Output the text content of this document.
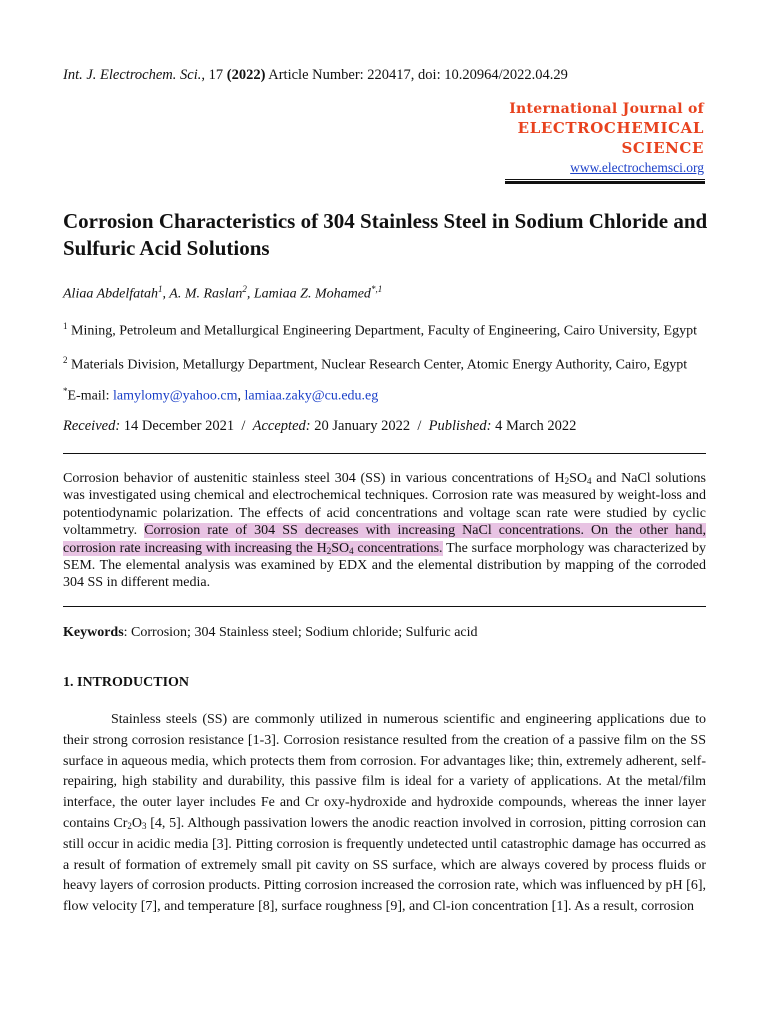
Int. J. Electrochem. Sci., 17 (2022) Article Number: 220417, doi: 10.20964/2022.04.29
International Journal of
ELECTROCHEMICAL
SCIENCE
www.electrochemsci.org
Corrosion Characteristics of 304 Stainless Steel in Sodium Chloride and Sulfuric Acid Solutions
Aliaa Abdelfatah$^1$, A. M. Raslan$^2$, Lamiaa Z. Mohamed$^{*,1}$
$^1$ Mining, Petroleum and Metallurgical Engineering Department, Faculty of Engineering, Cairo University, Egypt
$^2$ Materials Division, Metallurgy Department, Nuclear Research Center, Atomic Energy Authority, Cairo, Egypt
*E-mail: lamylomy@yahoo.cm, lamiaa.zaky@cu.edu.eg
Received: 14 December 2021  /  Accepted: 20 January 2022  /  Published: 4 March 2022
Corrosion behavior of austenitic stainless steel 304 (SS) in various concentrations of $H_2SO_4$ and NaCl solutions was investigated using chemical and electrochemical techniques. Corrosion rate was measured by weight-loss and potentiodynamic polarization. The effects of acid concentrations and voltage scan rate were studied by cyclic voltammetry. Corrosion rate of 304 SS decreases with increasing NaCl concentrations. On the other hand, corrosion rate increasing with increasing the $H_2SO_4$ concentrations. The surface morphology was characterized by SEM. The elemental analysis was examined by EDX and the elemental distribution by mapping of the corroded 304 SS in different media.
Keywords: Corrosion; 304 Stainless steel; Sodium chloride; Sulfuric acid
1. INTRODUCTION
Stainless steels (SS) are commonly utilized in numerous scientific and engineering applications due to their strong corrosion resistance [1-3]. Corrosion resistance resulted from the creation of a passive film on the SS surface in aqueous media, which protects them from corrosion. For advantages like; thin, extremely adherent, self-repairing, high stability and durability, this passive film is ideal for a variety of applications. At the metal/film interface, the outer layer includes Fe and Cr oxy-hydroxide and hydroxide compounds, whereas the inner layer contains $Cr_2O_3$ [4, 5]. Although passivation lowers the anodic reaction involved in corrosion, pitting corrosion can still occur in acidic media [3]. Pitting corrosion is frequently undetected until catastrophic damage has occurred as a result of formation of extremely small pit cavity on SS surface, which are always covered by process fluids or heavy layers of corrosion products. Pitting corrosion increased the corrosion rate, which was influenced by pH [6], flow velocity [7], and temperature [8], surface roughness [9], and Cl-ion concentration [1]. As a result, corrosion
